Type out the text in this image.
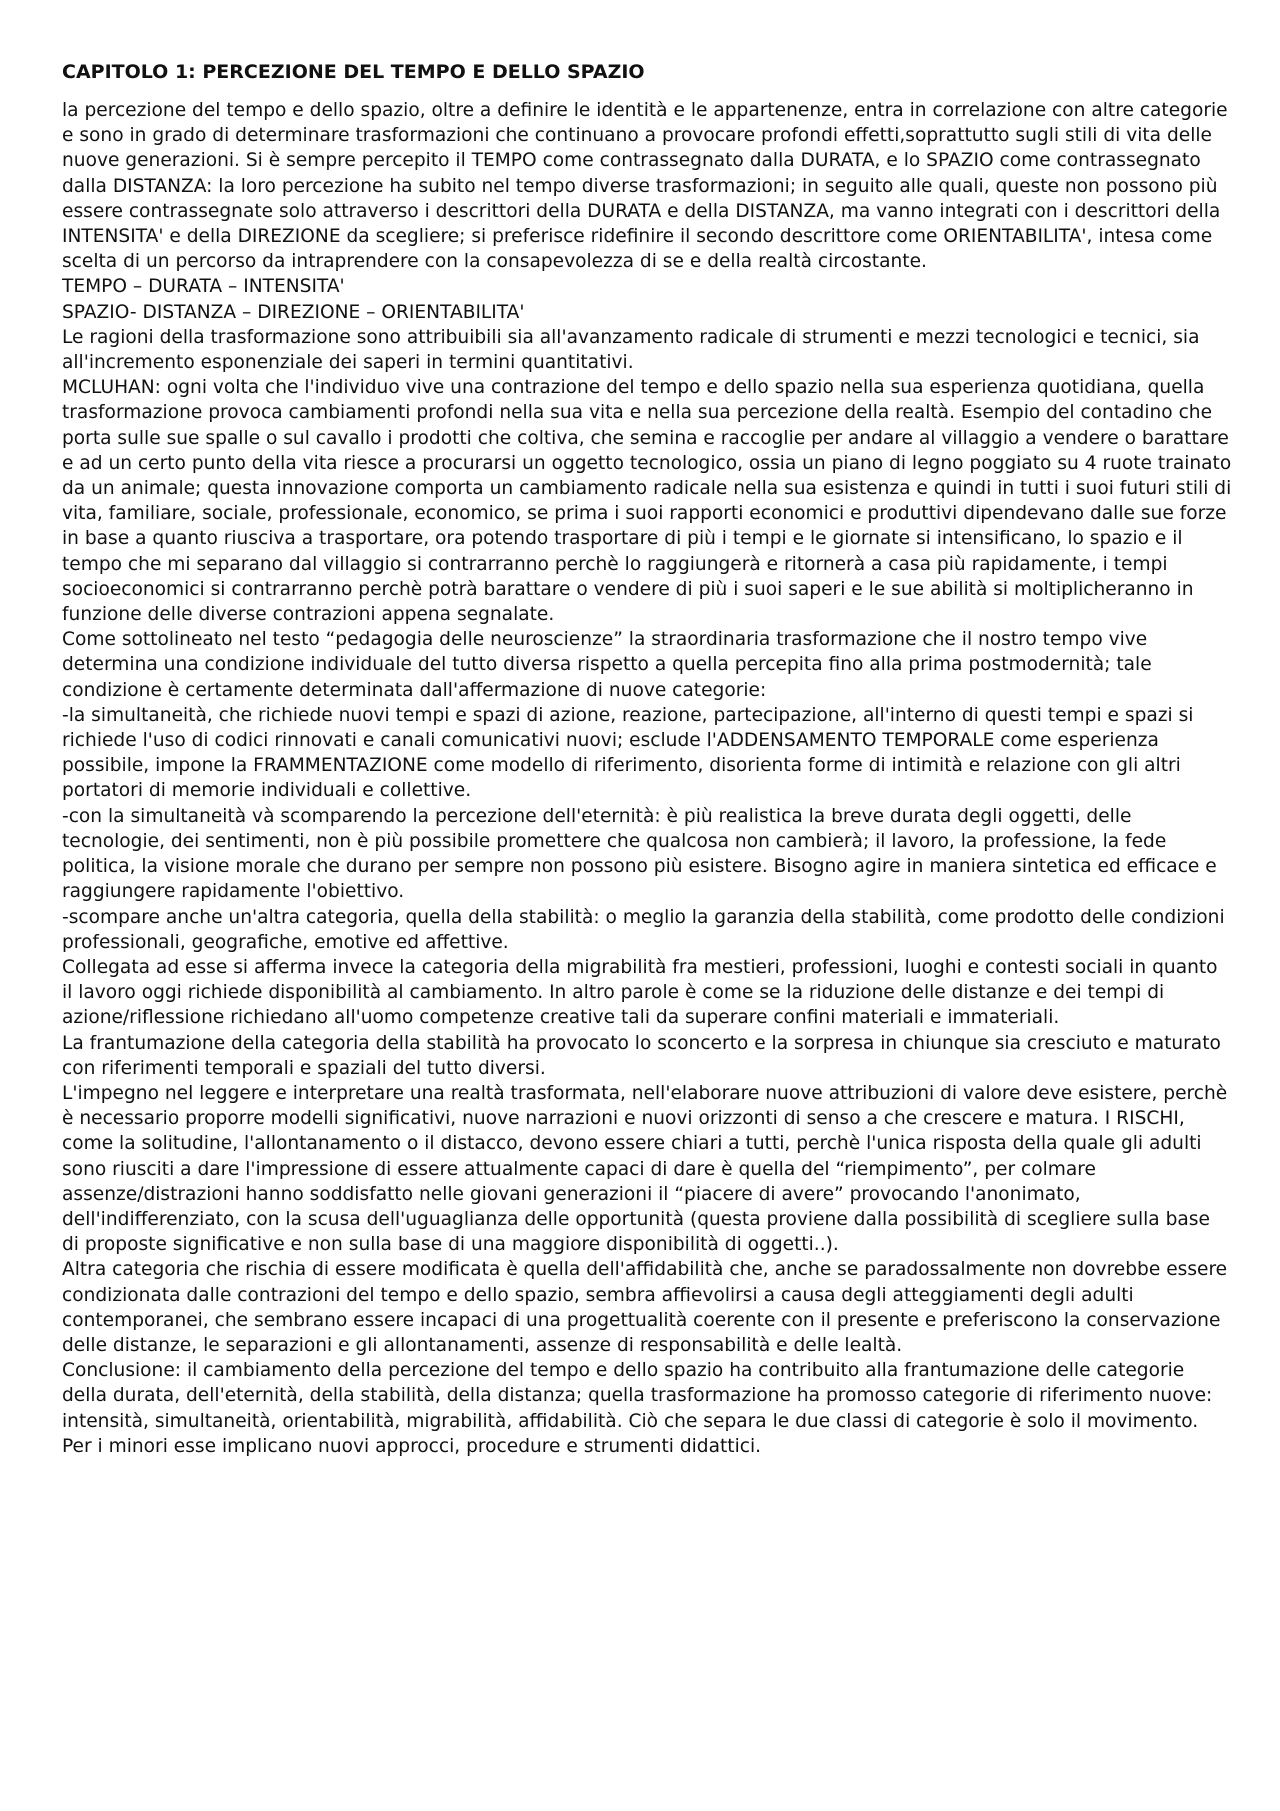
CAPITOLO 1: PERCEZIONE DEL TEMPO E DELLO SPAZIO

la percezione del tempo e dello spazio, oltre a definire le identità e le appartenenze, entra in correlazione con altre categorie e sono in grado di determinare trasformazioni che continuano a provocare profondi effetti,soprattutto sugli stili di vita delle nuove generazioni. Si è sempre percepito il TEMPO come contrassegnato dalla DURATA, e lo SPAZIO come contrassegnato dalla DISTANZA: la loro percezione ha subito nel tempo diverse trasformazioni; in seguito alle quali, queste non possono più essere contrassegnate solo attraverso i descrittori della DURATA e della DISTANZA, ma vanno integrati con i descrittori della INTENSITA' e della DIREZIONE da scegliere; si preferisce ridefinire il secondo descrittore come ORIENTABILITA', intesa come scelta di un percorso da intraprendere con la consapevolezza di se e della realtà circostante.

TEMPO – DURATA – INTENSITA'

SPAZIO- DISTANZA – DIREZIONE – ORIENTABILITA'

Le ragioni della trasformazione sono attribuibili sia all'avanzamento radicale di strumenti e mezzi tecnologici e tecnici, sia all'incremento esponenziale dei saperi in termini quantitativi.

MCLUHAN: ogni volta che l'individuo vive una contrazione del tempo e dello spazio nella sua esperienza quotidiana, quella trasformazione provoca cambiamenti profondi nella sua vita e nella sua percezione della realtà. Esempio del contadino che porta sulle sue spalle o sul cavallo i prodotti che coltiva, che semina e raccoglie per andare al villaggio a vendere o barattare e ad un certo punto della vita riesce a procurarsi un oggetto tecnologico, ossia un piano di legno poggiato su 4 ruote trainato da un animale; questa innovazione comporta un cambiamento radicale nella sua esistenza e quindi in tutti i suoi futuri stili di vita, familiare, sociale, professionale, economico, se prima i suoi rapporti economici e produttivi dipendevano dalle sue forze in base a quanto riusciva a trasportare, ora potendo trasportare di più i tempi e le giornate si intensificano, lo spazio e il tempo che mi separano dal villaggio si contrarranno perchè lo raggiungerà e ritornerà a casa più rapidamente, i tempi socioeconomici si contrarranno perchè potrà barattare o vendere di più i suoi saperi e le sue abilità si moltiplicheranno in funzione delle diverse contrazioni appena segnalate.

Come sottolineato nel testo “pedagogia delle neuroscienze” la straordinaria trasformazione che il nostro tempo vive determina una condizione individuale del tutto diversa rispetto a quella percepita fino alla prima postmodernità; tale condizione è certamente determinata dall'affermazione di nuove categorie:

-la simultaneità, che richiede nuovi tempi e spazi di azione, reazione, partecipazione, all'interno di questi tempi e spazi si richiede l'uso di codici rinnovati e canali comunicativi nuovi; esclude l'ADDENSAMENTO TEMPORALE come esperienza possibile, impone la FRAMMENTAZIONE come modello di riferimento, disorienta forme di intimità e relazione con gli altri portatori di memorie individuali e collettive.

-con la simultaneità và scomparendo la percezione dell'eternità: è più realistica la breve durata degli oggetti, delle tecnologie, dei sentimenti, non è più possibile promettere che qualcosa non cambierà; il lavoro, la professione, la fede politica, la visione morale che durano per sempre non possono più esistere. Bisogno agire in maniera sintetica ed efficace e raggiungere rapidamente l'obiettivo.

-scompare anche un'altra categoria, quella della stabilità: o meglio la garanzia della stabilità, come prodotto delle condizioni professionali, geografiche, emotive ed affettive.

Collegata ad esse si afferma invece la categoria della migrabilità fra mestieri, professioni, luoghi e contesti sociali in quanto il lavoro oggi richiede disponibilità al cambiamento. In altro parole è come se la riduzione delle distanze e dei tempi di azione/riflessione richiedano all'uomo competenze creative tali da superare confini materiali e immateriali.

La frantumazione della categoria della stabilità ha provocato lo sconcerto e la sorpresa in chiunque sia cresciuto e maturato con riferimenti temporali e spaziali del tutto diversi.

L'impegno nel leggere e interpretare una realtà trasformata, nell'elaborare nuove attribuzioni di valore deve esistere, perchè è necessario proporre modelli significativi, nuove narrazioni e nuovi orizzonti di senso a che crescere e matura. I RISCHI, come la solitudine, l'allontanamento o il distacco, devono essere chiari a tutti, perchè l'unica risposta della quale gli adulti sono riusciti a dare l'impressione di essere attualmente capaci di dare è quella del “riempimento”, per colmare assenze/distrazioni hanno soddisfatto nelle giovani generazioni il “piacere di avere” provocando l'anonimato, dell'indifferenziato, con la scusa dell'uguaglianza delle opportunità (questa proviene dalla possibilità di scegliere sulla base di proposte significative e non sulla base di una maggiore disponibilità di oggetti..).

Altra categoria che rischia di essere modificata è quella dell'affidabilità che, anche se paradossalmente non dovrebbe essere condizionata dalle contrazioni del tempo e dello spazio, sembra affievolirsi a causa degli atteggiamenti degli adulti contemporanei, che sembrano essere incapaci di una progettualità coerente con il presente e preferiscono la conservazione delle distanze, le separazioni e gli allontanamenti, assenze di responsabilità e delle lealtà.

Conclusione: il cambiamento della percezione del tempo e dello spazio ha contribuito alla frantumazione delle categorie della durata, dell'eternità, della stabilità, della distanza; quella trasformazione ha promosso categorie di riferimento nuove: intensità, simultaneità, orientabilità, migrabilità, affidabilità. Ciò che separa le due classi di categorie è solo il movimento. Per i minori esse implicano nuovi approcci, procedure e strumenti didattici.
